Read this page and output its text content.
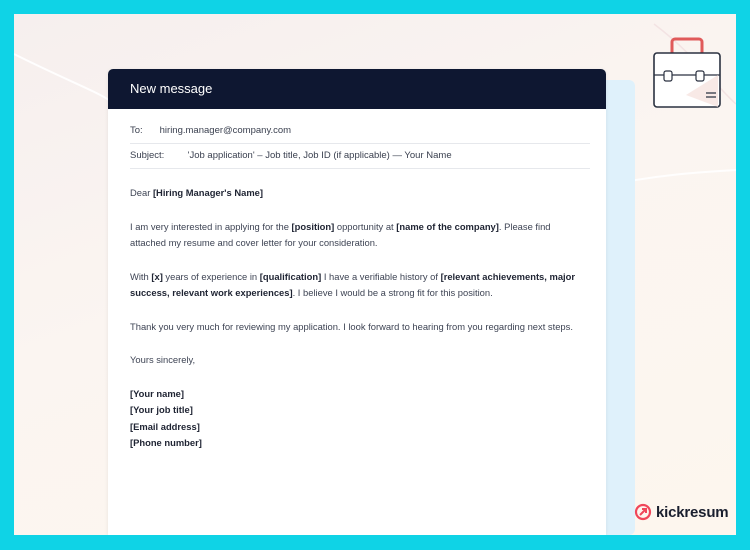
New message
To: hiring.manager@company.com
Subject: 'Job application' – Job title, Job ID (if applicable) — Your Name

Dear [Hiring Manager's Name]

I am very interested in applying for the [position] opportunity at [name of the company]. Please find attached my resume and cover letter for your consideration.

With [x] years of experience in [qualification] I have a verifiable history of [relevant achievements, major success, relevant work experiences]. I believe I would be a strong fit for this position.

Thank you very much for reviewing my application. I look forward to hearing from you regarding next steps.

Yours sincerely,

[Your name]
[Your job title]
[Email address]
[Phone number]
kickresum
